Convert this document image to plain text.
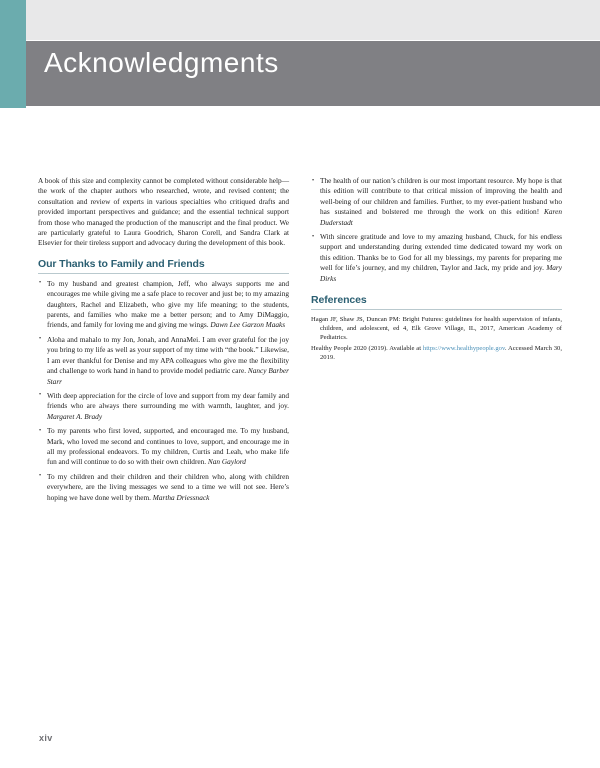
Acknowledgments

A book of this size and complexity cannot be completed without considerable help—the work of the chapter authors who researched, wrote, and revised content; the consultation and review of experts in various specialties who critiqued drafts and provided important perspectives and guidance; and the essential technical support from those who managed the production of the manuscript and the final product. We are particularly grateful to Laura Goodrich, Sharon Corell, and Sandra Clark at Elsevier for their tireless support and advocacy during the development of this book.

Our Thanks to Family and Friends
• To my husband and greatest champion, Jeff, who always supports me and encourages me while giving me a safe place to recover and just be; to my amazing daughters, Rachel and Elizabeth, who give my life meaning; to the students, parents, and families who make me a better person; and to Amy DiMaggio, friends, and family for loving me and giving me wings. Dawn Lee Garzon Maaks
• Aloha and mahalo to my Jon, Jonah, and AnnaMei. I am ever grateful for the joy you bring to my life as well as your support of my time with “the book.” Likewise, I am ever thankful for Denise and my APA colleagues who give me the flexibility and challenge to work hand in hand to provide model pediatric care. Nancy Barber Starr
• With deep appreciation for the circle of love and support from my dear family and friends who are always there surrounding me with warmth, laughter, and joy. Margaret A. Brady
• To my parents who first loved, supported, and encouraged me. To my husband, Mark, who loved me second and continues to love, support, and encourage me in all my professional endeavors. To my children, Curtis and Leah, who make life fun and will continue to do so with their own children. Nan Gaylord
• To my children and their children and their children who, along with children everywhere, are the living messages we send to a time we will not see. Here’s hoping we have done well by them. Martha Driessnack
• The health of our nation’s children is our most important resource. My hope is that this edition will contribute to that critical mission of improving the health and well-being of our children and families. Further, to my ever-patient husband who has sustained and bolstered me through the work on this edition! Karen Duderstadt
• With sincere gratitude and love to my amazing husband, Chuck, for his endless support and understanding during extended time dedicated toward my work on this edition. Thanks be to God for all my blessings, my parents for preparing me well for life’s journey, and my children, Taylor and Jack, my pride and joy. Mary Dirks
References
Hagan JF, Shaw JS, Duncan PM: Bright Futures: guidelines for health supervision of infants, children, and adolescent, ed 4, Elk Grove Village, IL, 2017, American Academy of Pediatrics.
Healthy People 2020 (2019). Available at https://www.healthypeople.gov. Accessed March 30, 2019.
xiv
